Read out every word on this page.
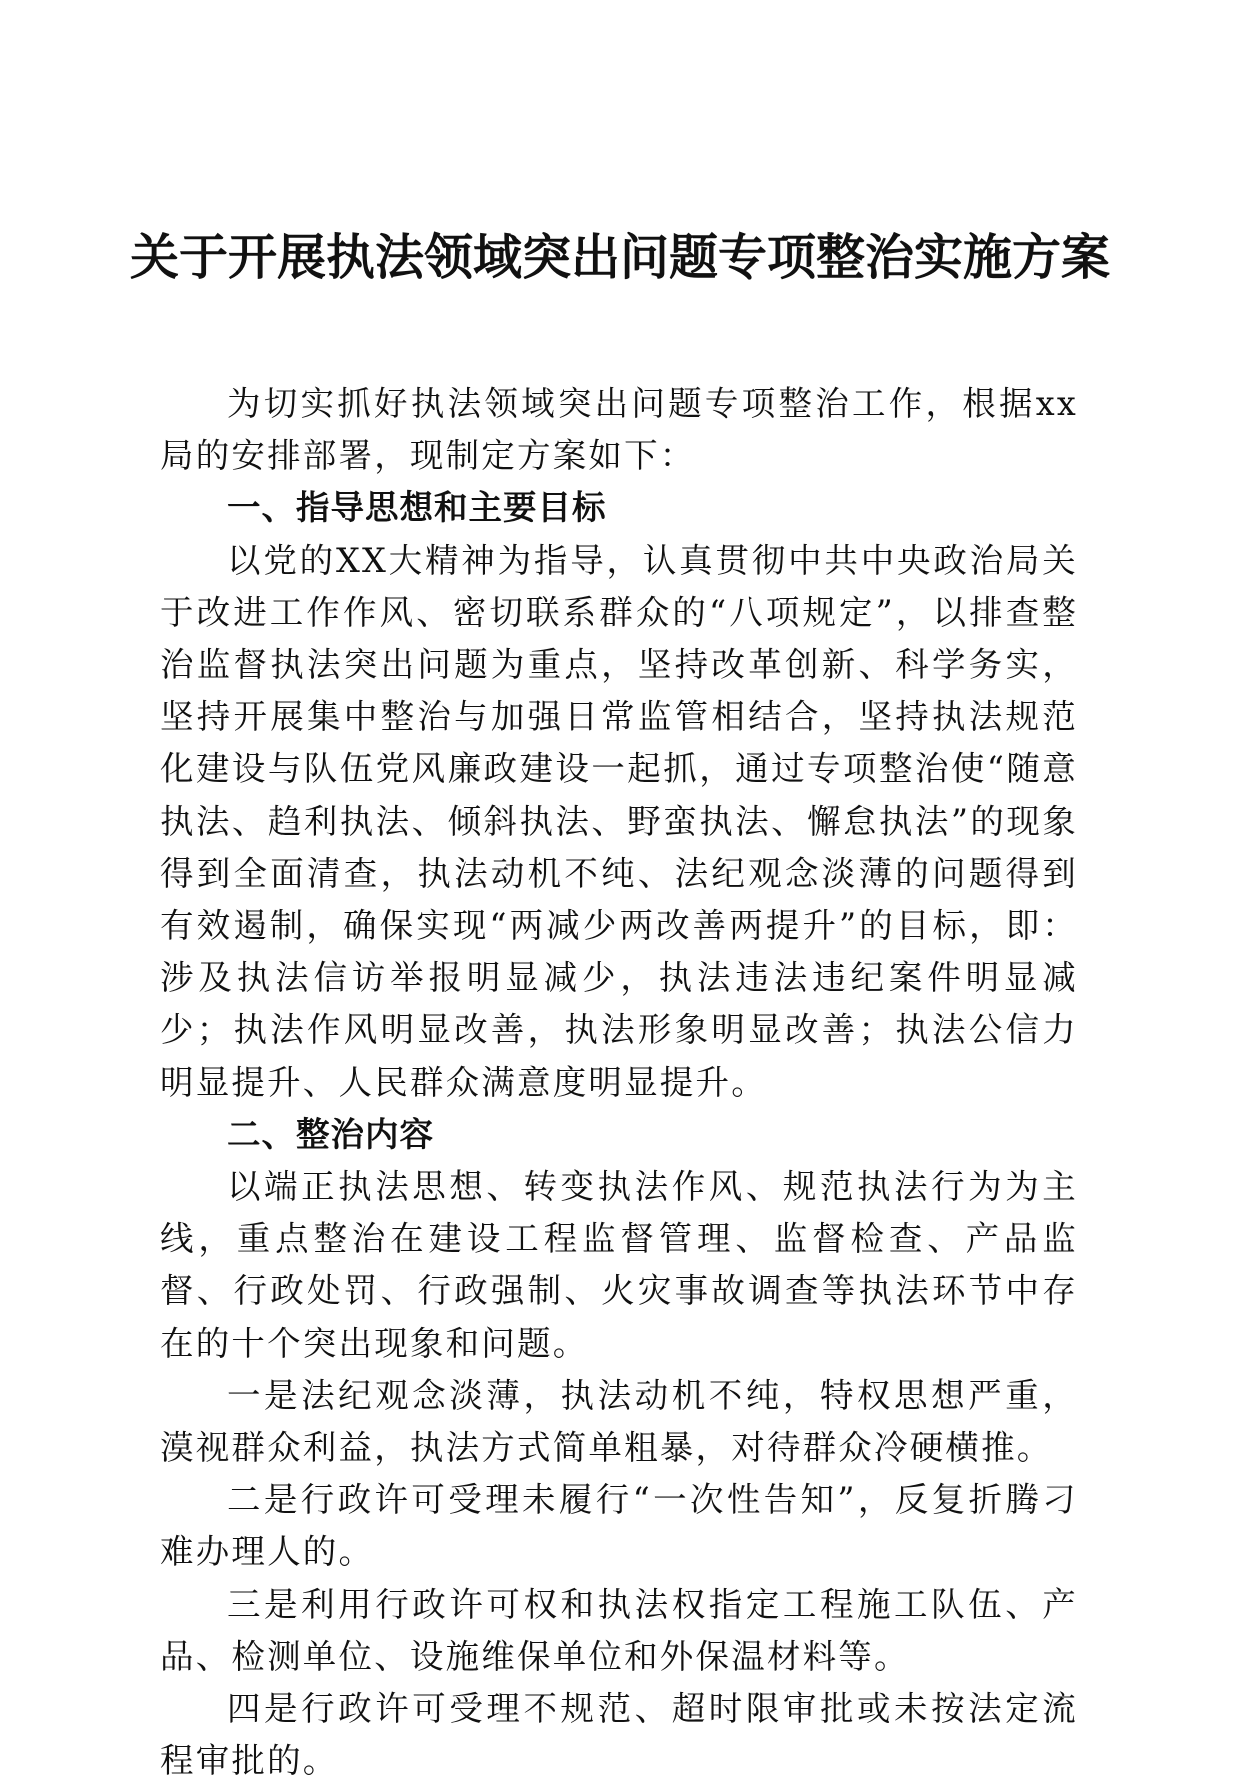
关于开展执法领域突出问题专项整治实施方案

为切实抓好执法领域突出问题专项整治工作，根据xx局的安排部署，现制定方案如下：

一、指导思想和主要目标

以党的XX大精神为指导，认真贯彻中共中央政治局关于改进工作作风、密切联系群众的“八项规定”，以排查整治监督执法突出问题为重点，坚持改革创新、科学务实，坚持开展集中整治与加强日常监管相结合，坚持执法规范化建设与队伍党风廉政建设一起抓，通过专项整治使“随意执法、趋利执法、倾斜执法、野蛮执法、懈怠执法”的现象得到全面清查，执法动机不纯、法纪观念淡薄的问题得到有效遏制，确保实现“两减少两改善两提升”的目标，即：涉及执法信访举报明显减少，执法违法违纪案件明显减少；执法作风明显改善，执法形象明显改善；执法公信力明显提升、人民群众满意度明显提升。

二、整治内容

以端正执法思想、转变执法作风、规范执法行为为主线，重点整治在建设工程监督管理、监督检查、产品监督、行政处罚、行政强制、火灾事故调查等执法环节中存在的十个突出现象和问题。

一是法纪观念淡薄，执法动机不纯，特权思想严重，漠视群众利益，执法方式简单粗暴，对待群众冷硬横推。

二是行政许可受理未履行“一次性告知”，反复折腾刁难办理人的。

三是利用行政许可权和执法权指定工程施工队伍、产品、检测单位、设施维保单位和外保温材料等。

四是行政许可受理不规范、超时限审批或未按法定流程审批的。
